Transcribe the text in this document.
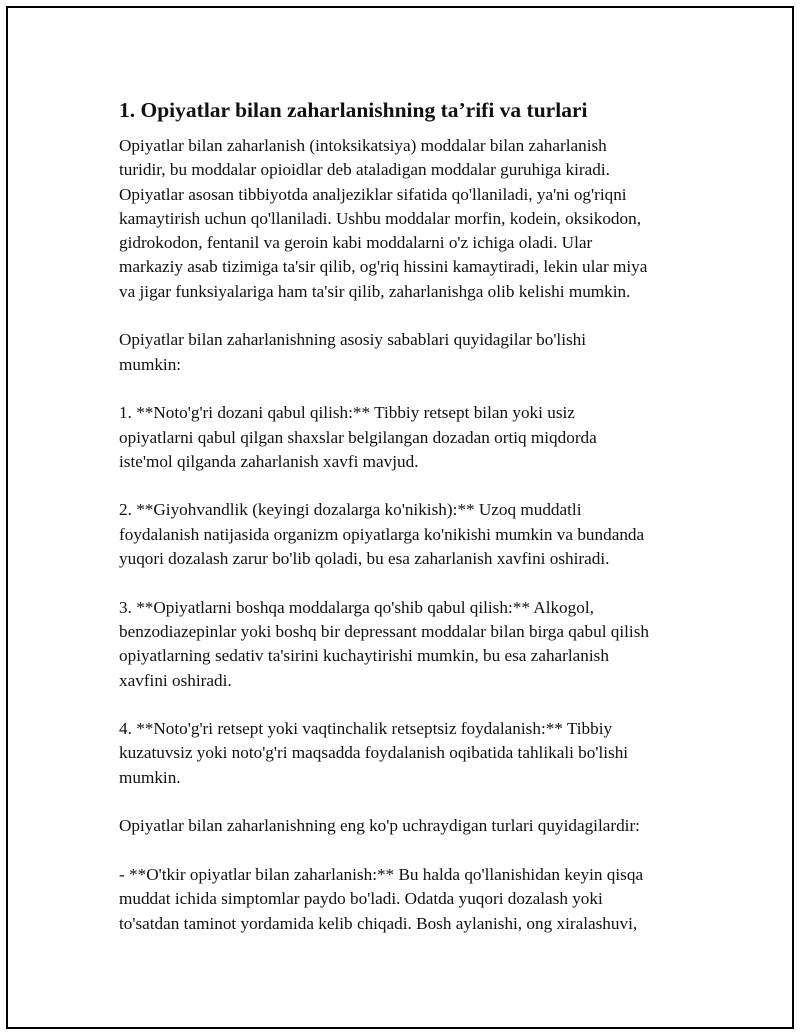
1. Opiyatlar bilan zaharlanishning ta’rifi va turlari
Opiyatlar bilan zaharlanish (intoksikatsiya) moddalar bilan zaharlanish
turidir, bu moddalar opioidlar deb ataladigan moddalar guruhiga kiradi.
Opiyatlar asosan tibbiyotda analjeziklar sifatida qo'llaniladi, ya'ni og'riqni
kamaytirish uchun qo'llaniladi. Ushbu moddalar morfin, kodein, oksikodon,
gidrokodon, fentanil va geroin kabi moddalarni o'z ichiga oladi. Ular
markaziy asab tizimiga ta'sir qilib, og'riq hissini kamaytiradi, lekin ular miya
va jigar funksiyalariga ham ta'sir qilib, zaharlanishga olib kelishi mumkin.
Opiyatlar bilan zaharlanishning asosiy sabablari quyidagilar bo'lishi
mumkin:
1. **Noto'g'ri dozani qabul qilish:** Tibbiy retsept bilan yoki usiz
opiyatlarni qabul qilgan shaxslar belgilangan dozadan ortiq miqdorda
iste'mol qilganda zaharlanish xavfi mavjud.
2. **Giyohvandlik (keyingi dozalarga ko'nikish):** Uzoq muddatli
foydalanish natijasida organizm opiyatlarga ko'nikishi mumkin va bundanda
yuqori dozalash zarur bo'lib qoladi, bu esa zaharlanish xavfini oshiradi.
3. **Opiyatlarni boshqa moddalarga qo'shib qabul qilish:** Alkogol,
benzodiazepinlar yoki boshq bir depressant moddalar bilan birga qabul qilish
opiyatlarning sedativ ta'sirini kuchaytirishi mumkin, bu esa zaharlanish
xavfini oshiradi.
4. **Noto'g'ri retsept yoki vaqtinchalik retseptsiz foydalanish:** Tibbiy
kuzatuvsiz yoki noto'g'ri maqsadda foydalanish oqibatida tahlikali bo'lishi
mumkin.
Opiyatlar bilan zaharlanishning eng ko'p uchraydigan turlari quyidagilardir:
- **O'tkir opiyatlar bilan zaharlanish:** Bu halda qo'llanishidan keyin qisqa
muddat ichida simptomlar paydo bo'ladi. Odatda yuqori dozalash yoki
to'satdan taminot yordamida kelib chiqadi. Bosh aylanishi, ong xiralashuvi,
